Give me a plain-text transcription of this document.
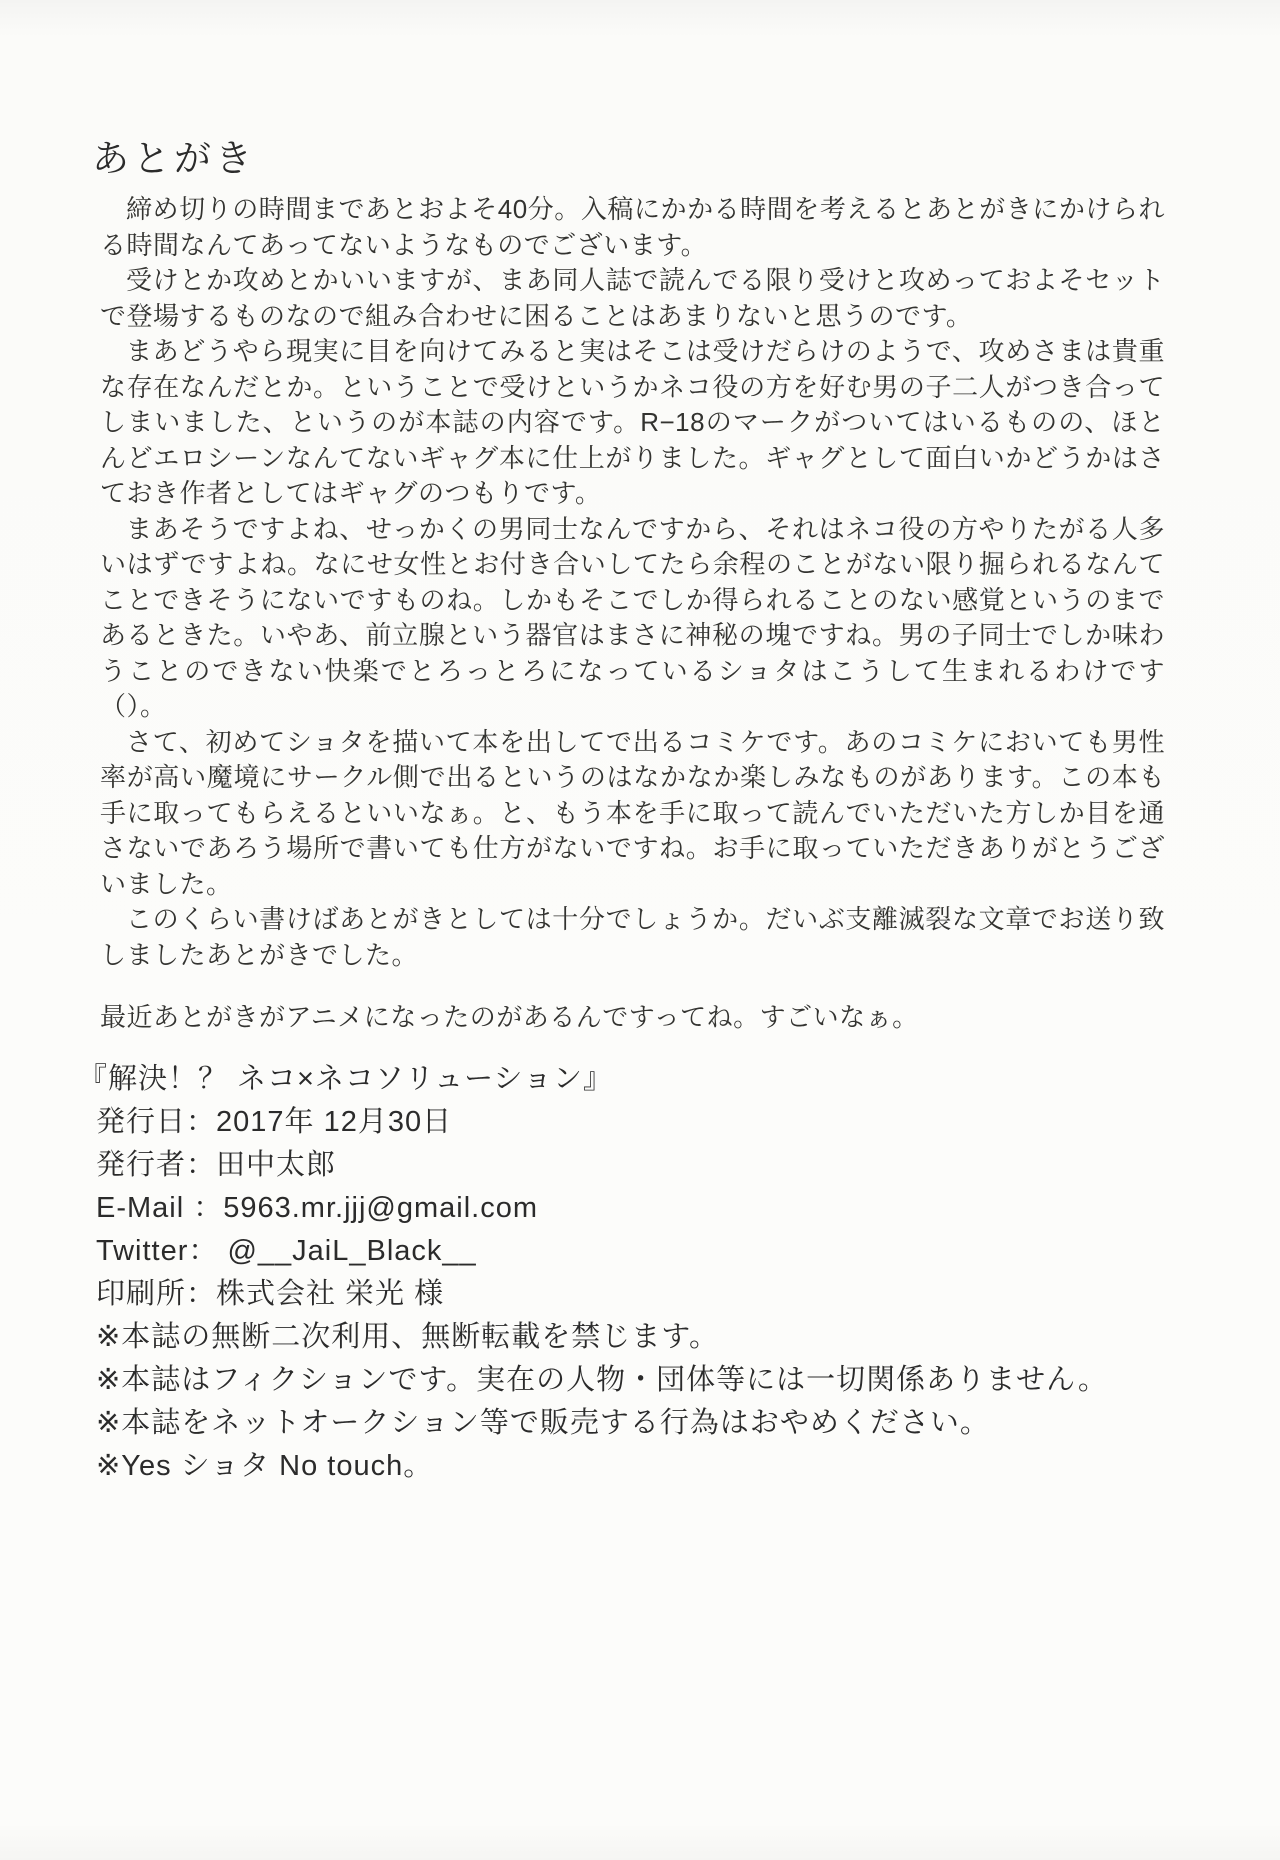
あとがき

締め切りの時間まであとおよそ40分。入稿にかかる時間を考えるとあとがきにかけられる時間なんてあってないようなものでございます。

受けとか攻めとかいいますが、まあ同人誌で読んでる限り受けと攻めっておよそセットで登場するものなので組み合わせに困ることはあまりないと思うのです。

まあどうやら現実に目を向けてみると実はそこは受けだらけのようで、攻めさまは貴重な存在なんだとか。ということで受けというかネコ役の方を好む男の子二人がつき合ってしまいました、というのが本誌の内容です。R−18のマークがついてはいるものの、ほとんどエロシーンなんてないギャグ本に仕上がりました。ギャグとして面白いかどうかはさておき作者としてはギャグのつもりです。

まあそうですよね、せっかくの男同士なんですから、それはネコ役の方やりたがる人多いはずですよね。なにせ女性とお付き合いしてたら余程のことがない限り掘られるなんてことできそうにないですものね。しかもそこでしか得られることのない感覚というのまであるときた。いやあ、前立腺という器官はまさに神秘の塊ですね。男の子同士でしか味わうことのできない快楽でとろっとろになっているショタはこうして生まれるわけです（）。

さて、初めてショタを描いて本を出してで出るコミケです。あのコミケにおいても男性率が高い魔境にサークル側で出るというのはなかなか楽しみなものがあります。この本も手に取ってもらえるといいなぁ。と、もう本を手に取って読んでいただいた方しか目を通さないであろう場所で書いても仕方がないですね。お手に取っていただきありがとうございました。

このくらい書けばあとがきとしては十分でしょうか。だいぶ支離滅裂な文章でお送り致しましたあとがきでした。

最近あとがきがアニメになったのがあるんですってね。すごいなぁ。

『解決！？ ネコ×ネコソリューション』

発行日：2017年 12月30日

発行者：田中太郎

E-Mail ：5963.mr.jjj@gmail.com

Twitter： @__JaiL_Black__

印刷所：株式会社 栄光 様

※本誌の無断二次利用、無断転載を禁じます。

※本誌はフィクションです。実在の人物・団体等には一切関係ありません。

※本誌をネットオークション等で販売する行為はおやめください。

※Yes ショタ No touch。
